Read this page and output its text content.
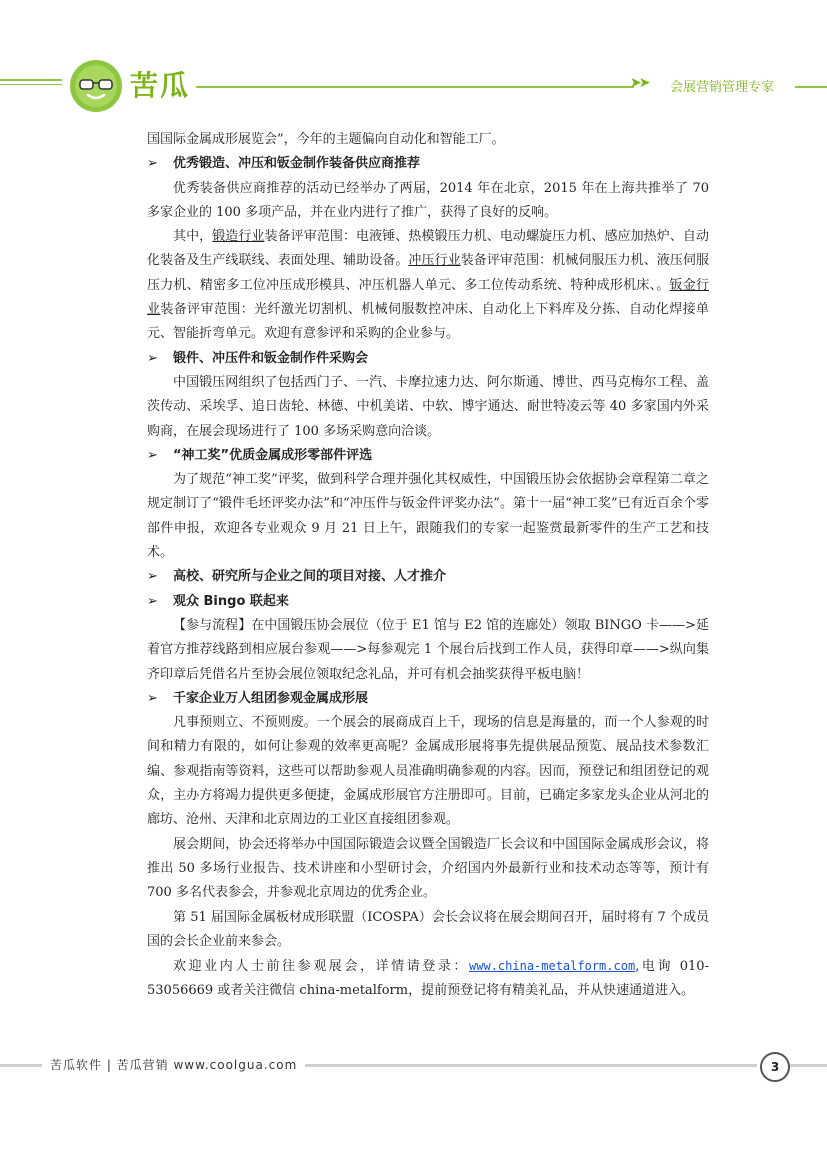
苦瓜	➤➤ 会展营销管理专家

国国际金属成形展览会”，今年的主题偏向自动化和智能工厂。

➢ 优秀锻造、冲压和钣金制作装备供应商推荐

优秀装备供应商推荐的活动已经举办了两届，2014 年在北京，2015 年在上海共推举了 70 多家企业的 100 多项产品，并在业内进行了推广，获得了良好的反响。

其中，锻造行业装备评审范围：电液锤、热模锻压力机、电动螺旋压力机、感应加热炉、自动化装备及生产线联线、表面处理、辅助设备。冲压行业装备评审范围：机械伺服压力机、液压伺服压力机、精密多工位冲压成形模具、冲压机器人单元、多工位传动系统、特种成形机床、。钣金行业装备评审范围：光纤激光切割机、机械伺服数控冲床、自动化上下料库及分拣、自动化焊接单元、智能折弯单元。欢迎有意参评和采购的企业参与。

➢ 锻件、冲压件和钣金制作件采购会

中国锻压网组织了包括西门子、一汽、卡摩拉速力达、阿尔斯通、博世、西马克梅尔工程、盖茨传动、采埃孚、追日齿轮、林德、中机美诺、中软、博宇通达、耐世特凌云等 40 多家国内外采购商，在展会现场进行了 100 多场采购意向洽谈。

➢ “神工奖”优质金属成形零部件评选

为了规范“神工奖”评奖，做到科学合理并强化其权威性，中国锻压协会依据协会章程第二章之规定制订了“锻件毛坯评奖办法”和“冲压件与钣金件评奖办法”。第十一届“神工奖”已有近百余个零部件申报，欢迎各专业观众 9 月 21 日上午，跟随我们的专家一起鉴赏最新零件的生产工艺和技术。

➢ 高校、研究所与企业之间的项目对接、人才推介

➢ 观众 Bingo 联起来

【参与流程】在中国锻压协会展位（位于 E1 馆与 E2 馆的连廊处）领取 BINGO 卡——>延着官方推荐线路到相应展台参观——>每参观完 1 个展台后找到工作人员，获得印章——>纵向集齐印章后凭借名片至协会展位领取纪念礼品，并可有机会抽奖获得平板电脑！

➢ 千家企业万人组团参观金属成形展

凡事预则立、不预则废。一个展会的展商成百上千，现场的信息是海量的，而一个人参观的时间和精力有限的，如何让参观的效率更高呢？金属成形展将事先提供展品预览、展品技术参数汇编、参观指南等资料，这些可以帮助参观人员准确明确参观的内容。因而，预登记和组团登记的观众，主办方将竭力提供更多便捷，金属成形展官方注册即可。目前，已确定多家龙头企业从河北的廊坊、沧州、天津和北京周边的工业区直接组团参观。

展会期间，协会还将举办中国国际锻造会议暨全国锻造厂长会议和中国国际金属成形会议，将推出 50 多场行业报告、技术讲座和小型研讨会，介绍国内外最新行业和技术动态等等，预计有 700 多名代表参会，并参观北京周边的优秀企业。

第 51 届国际金属板材成形联盟（ICOSPA）会长会议将在展会期间召开，届时将有 7 个成员国的会长企业前来参会。

欢迎业内人士前往参观展会，详情请登录：www.china-metalform.com,电询 010-53056669 或者关注微信 china-metalform，提前预登记将有精美礼品，并从快速通道进入。

苦瓜软件 | 苦瓜营销 www.coolgua.com	3
